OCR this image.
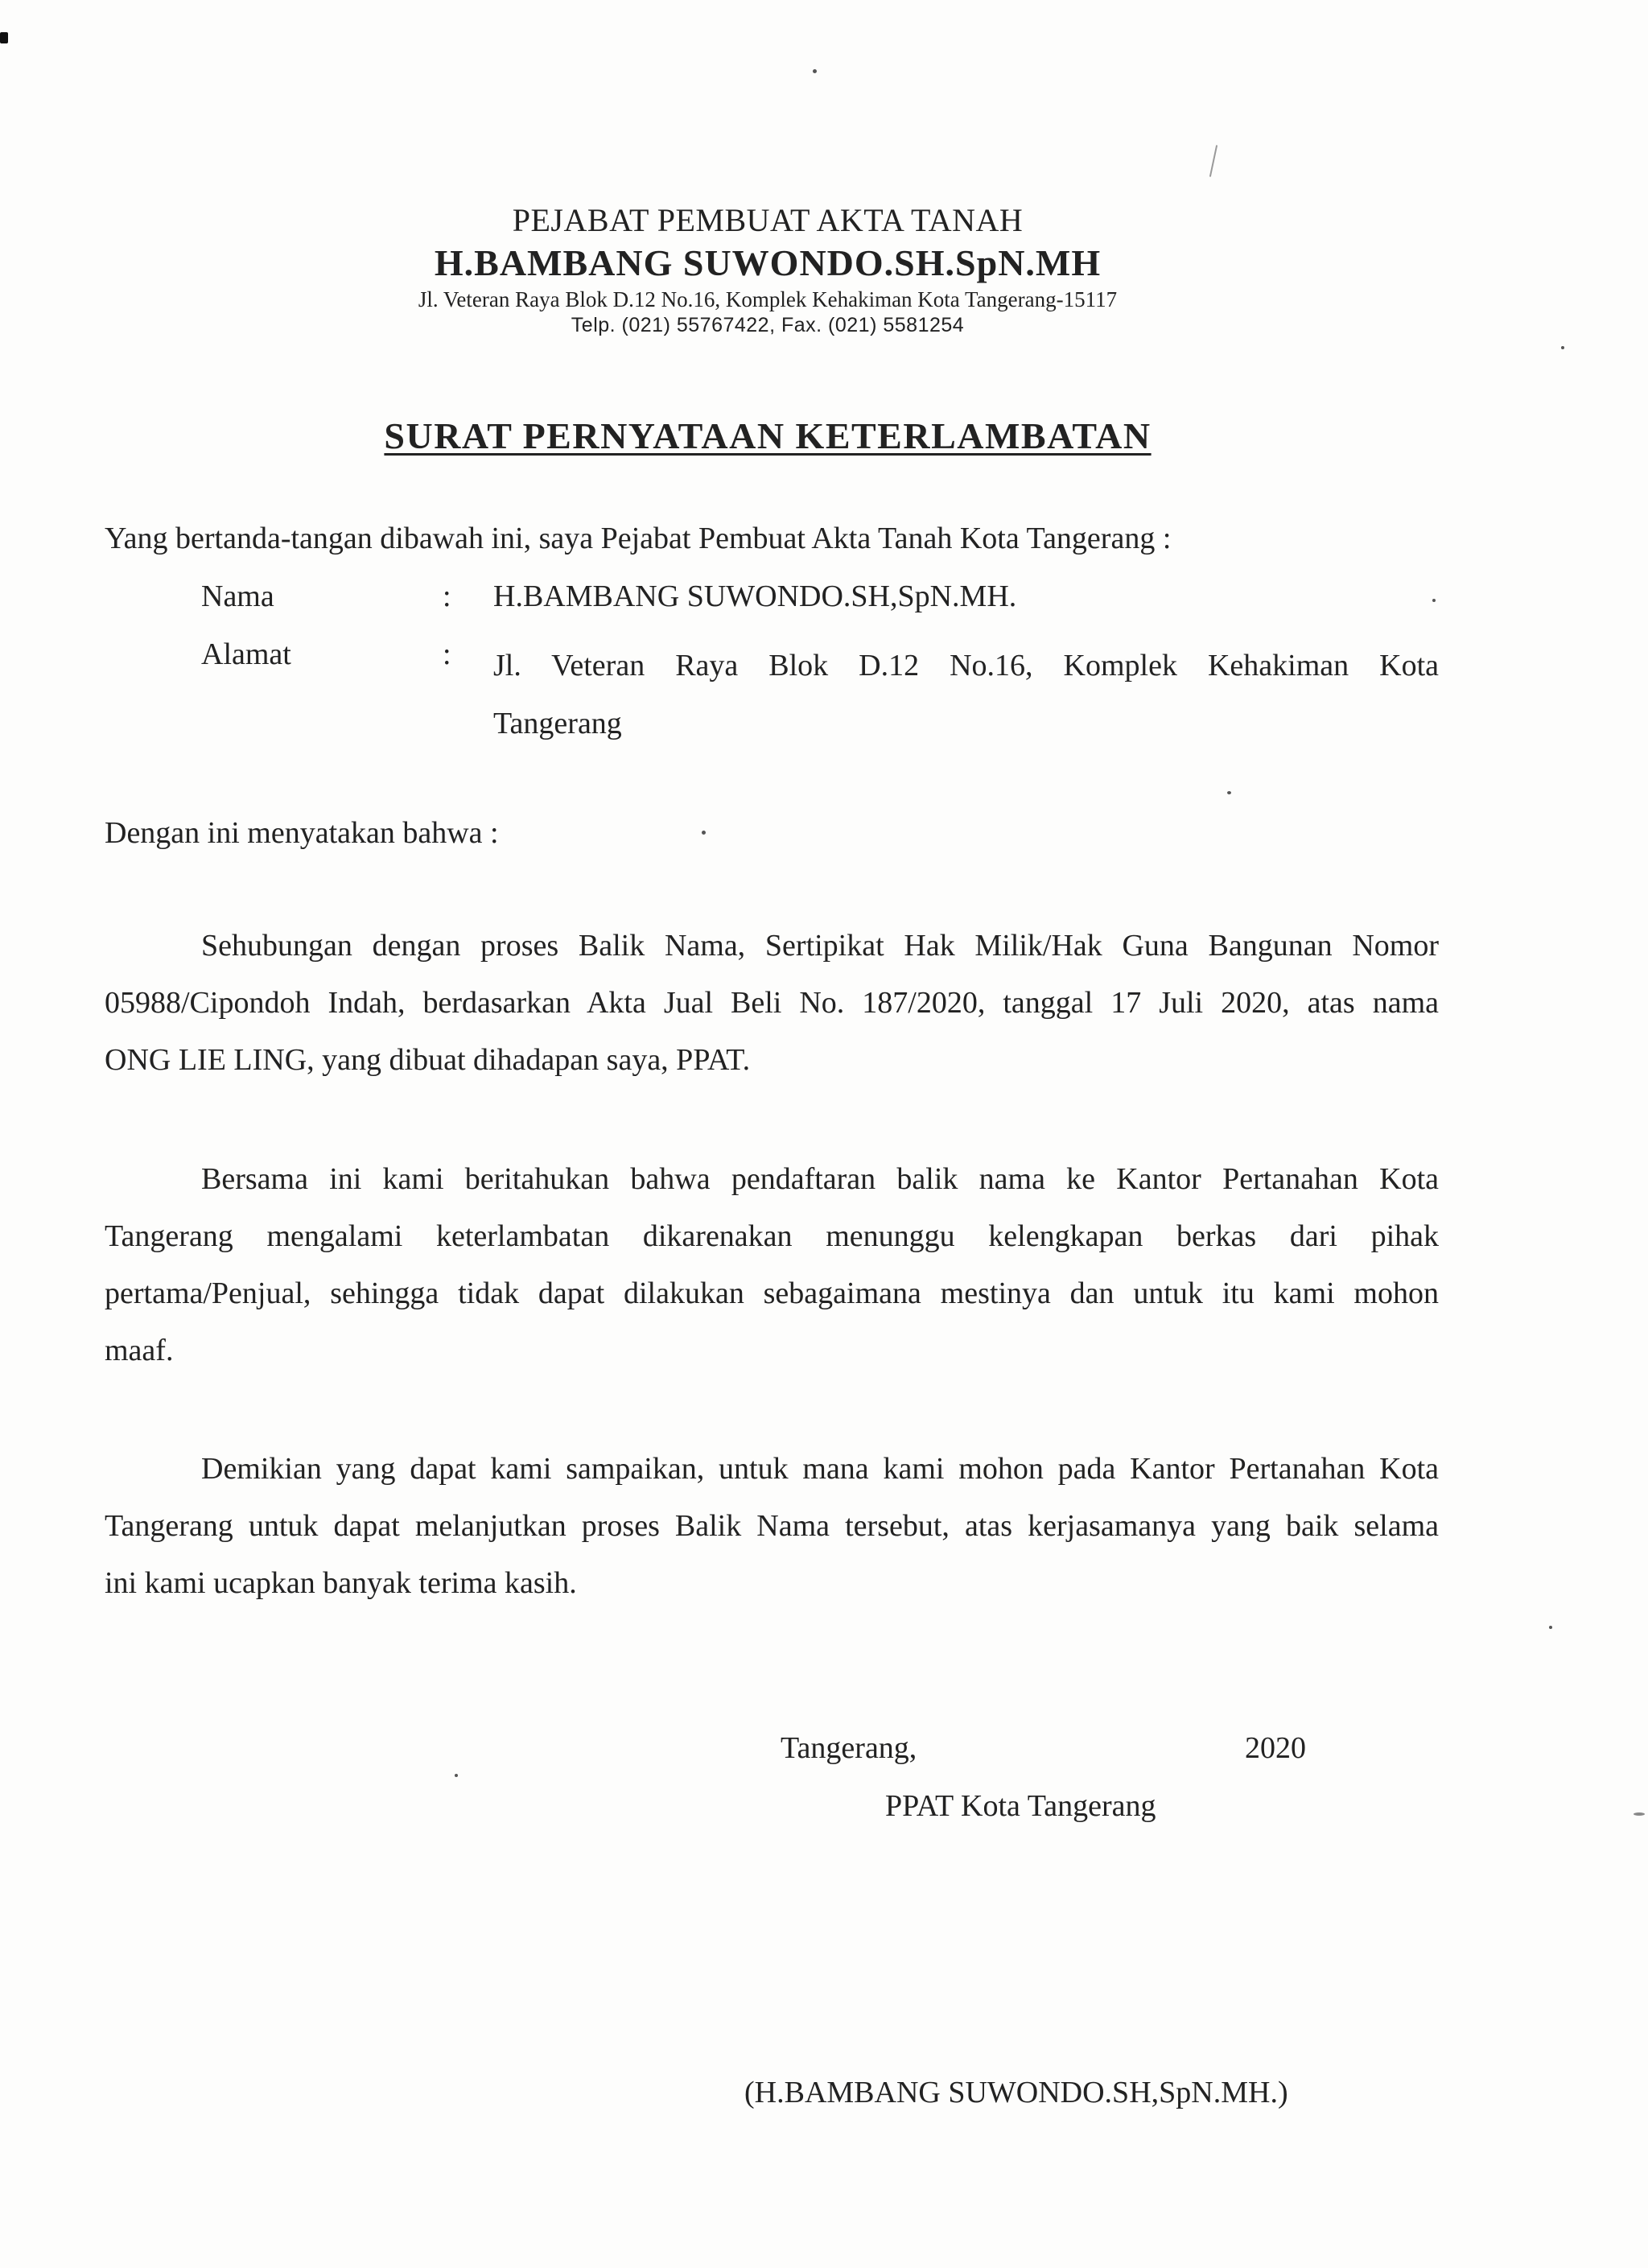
PEJABAT PEMBUAT AKTA TANAH
H.BAMBANG SUWONDO.SH.SpN.MH
Jl. Veteran Raya Blok D.12 No.16, Komplek Kehakiman Kota Tangerang-15117
Telp. (021) 55767422, Fax. (021) 5581254
SURAT PERNYATAAN KETERLAMBATAN
Yang bertanda-tangan dibawah ini, saya Pejabat Pembuat Akta Tanah Kota Tangerang :
Nama	: H.BAMBANG SUWONDO.SH,SpN.MH.
Alamat	: Jl. Veteran Raya Blok D.12 No.16, Komplek Kehakiman Kota
Tangerang
Dengan ini menyatakan bahwa :
Sehubungan dengan proses Balik Nama, Sertipikat Hak Milik/Hak Guna Bangunan Nomor
05988/Cipondoh Indah, berdasarkan Akta Jual Beli No. 187/2020, tanggal 17 Juli 2020, atas nama
ONG LIE LING, yang dibuat dihadapan saya, PPAT.
Bersama ini kami beritahukan bahwa pendaftaran balik nama ke Kantor Pertanahan Kota
Tangerang mengalami keterlambatan dikarenakan menunggu kelengkapan berkas dari pihak
pertama/Penjual, sehingga tidak dapat dilakukan sebagaimana mestinya dan untuk itu kami mohon
maaf.
Demikian yang dapat kami sampaikan, untuk mana kami mohon pada Kantor Pertanahan Kota
Tangerang untuk dapat melanjutkan proses Balik Nama tersebut, atas kerjasamanya yang baik selama
ini kami ucapkan banyak terima kasih.
Tangerang,	2020
PPAT Kota Tangerang
(H.BAMBANG SUWONDO.SH,SpN.MH.)
